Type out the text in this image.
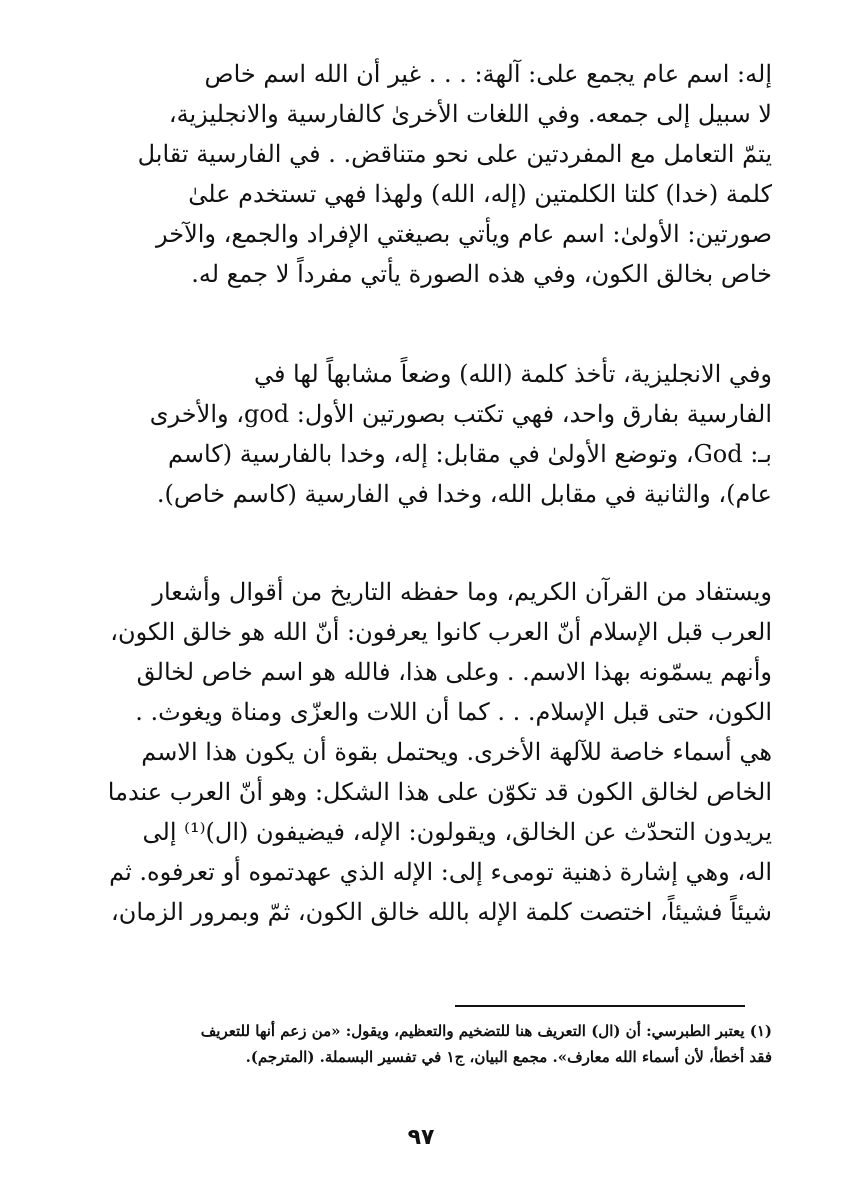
إله: اسم عام يجمع على: آلهة: . . . غير أن الله اسم خاص
لا سبيل إلى جمعه. وفي اللغات الأخرىٰ كالفارسية والانجليزية،
يتمّ التعامل مع المفردتين على نحو متناقض. . في الفارسية تقابل
كلمة (خدا) كلتا الكلمتين (إله، الله) ولهذا فهي تستخدم علىٰ
صورتين: الأولىٰ: اسم عام ويأتي بصيغتي الإفراد والجمع، والآخر
خاص بخالق الكون، وفي هذه الصورة يأتي مفرداً لا جمع له.
وفي الانجليزية، تأخذ كلمة (الله) وضعاً مشابهاً لها في
الفارسية بفارق واحد، فهي تكتب بصورتين الأول: god، والأخرى
بـ: God، وتوضع الأولىٰ في مقابل: إله، وخدا بالفارسية (كاسم
عام)، والثانية في مقابل الله، وخدا في الفارسية (كاسم خاص).
ويستفاد من القرآن الكريم، وما حفظه التاريخ من أقوال وأشعار
العرب قبل الإسلام أنّ العرب كانوا يعرفون: أنّ الله هو خالق الكون،
وأنهم يسمّونه بهذا الاسم. . وعلى هذا، فالله هو اسم خاص لخالق
الكون، حتى قبل الإسلام. . . كما أن اللات والعزّى ومناة ويغوث. .
هي أسماء خاصة للآلهة الأخرى. ويحتمل بقوة أن يكون هذا الاسم
الخاص لخالق الكون قد تكوّن على هذا الشكل: وهو أنّ العرب عندما
يريدون التحدّث عن الخالق، ويقولون: الإله، فيضيفون (ال)⁽¹⁾ إلى
اله، وهي إشارة ذهنية تومىء إلى: الإله الذي عهدتموه أو تعرفوه. ثم
شيئاً فشيئاً، اختصت كلمة الإله بالله خالق الكون، ثمّ وبمرور الزمان،
(١) يعتبر الطبرسي: أن (ال) التعريف هنا للتضخيم والتعظيم، ويقول: «من زعم أنها للتعريف
فقد أخطأ، لأن أسماء الله معارف». مجمع البيان، ج١ في تفسير البسملة. (المترجم).
٩٧
